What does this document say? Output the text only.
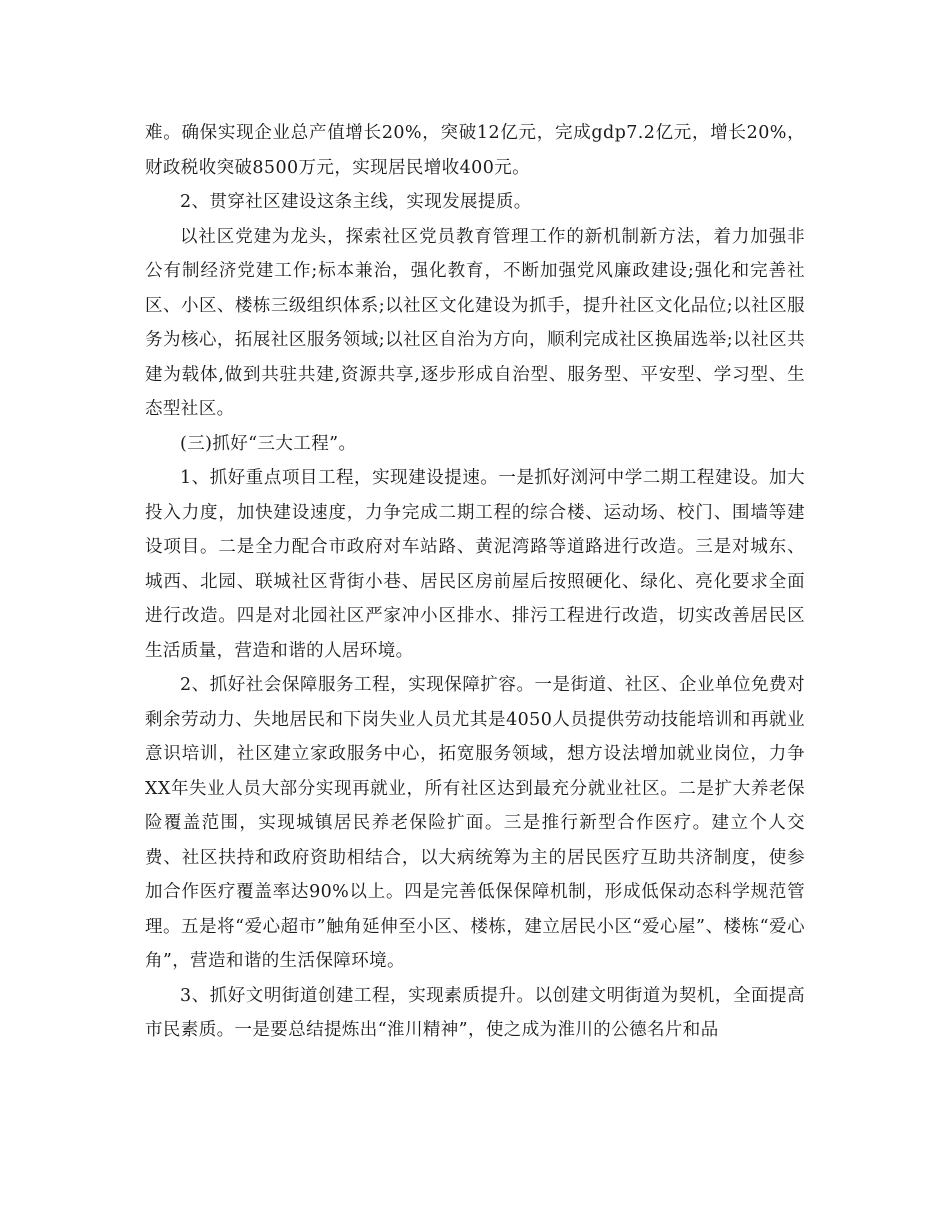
难。确保实现企业总产值增长20%，突破12亿元，完成gdp7.2亿元，增长20%，财政税收突破8500万元，实现居民增收400元。

2、贯穿社区建设这条主线，实现发展提质。

以社区党建为龙头，探索社区党员教育管理工作的新机制新方法，着力加强非公有制经济党建工作;标本兼治，强化教育，不断加强党风廉政建设;强化和完善社区、小区、楼栋三级组织体系;以社区文化建设为抓手，提升社区文化品位;以社区服务为核心，拓展社区服务领域;以社区自治为方向，顺利完成社区换届选举;以社区共建为载体,做到共驻共建,资源共享,逐步形成自治型、服务型、平安型、学习型、生态型社区。

(三)抓好“三大工程”。

1、抓好重点项目工程，实现建设提速。一是抓好浏河中学二期工程建设。加大投入力度，加快建设速度，力争完成二期工程的综合楼、运动场、校门、围墙等建设项目。二是全力配合市政府对车站路、黄泥湾路等道路进行改造。三是对城东、城西、北园、联城社区背街小巷、居民区房前屋后按照硬化、绿化、亮化要求全面进行改造。四是对北园社区严家冲小区排水、排污工程进行改造，切实改善居民区生活质量，营造和谐的人居环境。

2、抓好社会保障服务工程，实现保障扩容。一是街道、社区、企业单位免费对剩余劳动力、失地居民和下岗失业人员尤其是4050人员提供劳动技能培训和再就业意识培训，社区建立家政服务中心，拓宽服务领域，想方设法增加就业岗位，力争XX年失业人员大部分实现再就业，所有社区达到最充分就业社区。二是扩大养老保险覆盖范围，实现城镇居民养老保险扩面。三是推行新型合作医疗。建立个人交费、社区扶持和政府资助相结合，以大病统筹为主的居民医疗互助共济制度，使参加合作医疗覆盖率达90%以上。四是完善低保保障机制，形成低保动态科学规范管理。五是将“爱心超市”触角延伸至小区、楼栋，建立居民小区“爱心屋”、楼栋“爱心角”，营造和谐的生活保障环境。

3、抓好文明街道创建工程，实现素质提升。以创建文明街道为契机，全面提高市民素质。一是要总结提炼出“淮川精神”，使之成为淮川的公德名片和品
